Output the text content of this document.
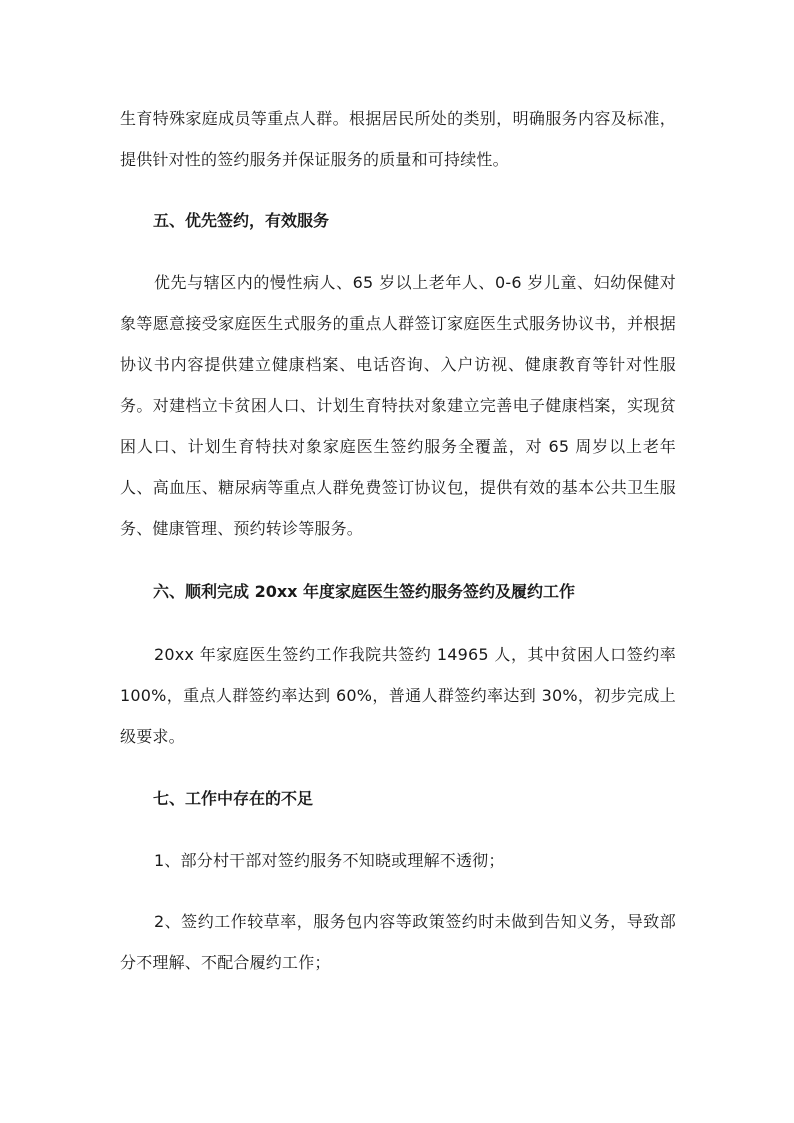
生育特殊家庭成员等重点人群。根据居民所处的类别，明确服务内容及标准，提供针对性的签约服务并保证服务的质量和可持续性。

五、优先签约，有效服务

优先与辖区内的慢性病人、65 岁以上老年人、0-6 岁儿童、妇幼保健对象等愿意接受家庭医生式服务的重点人群签订家庭医生式服务协议书，并根据协议书内容提供建立健康档案、电话咨询、入户访视、健康教育等针对性服务。对建档立卡贫困人口、计划生育特扶对象建立完善电子健康档案，实现贫困人口、计划生育特扶对象家庭医生签约服务全覆盖，对 65 周岁以上老年人、高血压、糖尿病等重点人群免费签订协议包，提供有效的基本公共卫生服务、健康管理、预约转诊等服务。

六、顺利完成 20xx 年度家庭医生签约服务签约及履约工作

20xx 年家庭医生签约工作我院共签约 14965 人，其中贫困人口签约率 100%，重点人群签约率达到 60%，普通人群签约率达到 30%，初步完成上级要求。

七、工作中存在的不足

1、部分村干部对签约服务不知晓或理解不透彻；

2、签约工作较草率，服务包内容等政策签约时未做到告知义务，导致部分不理解、不配合履约工作；
